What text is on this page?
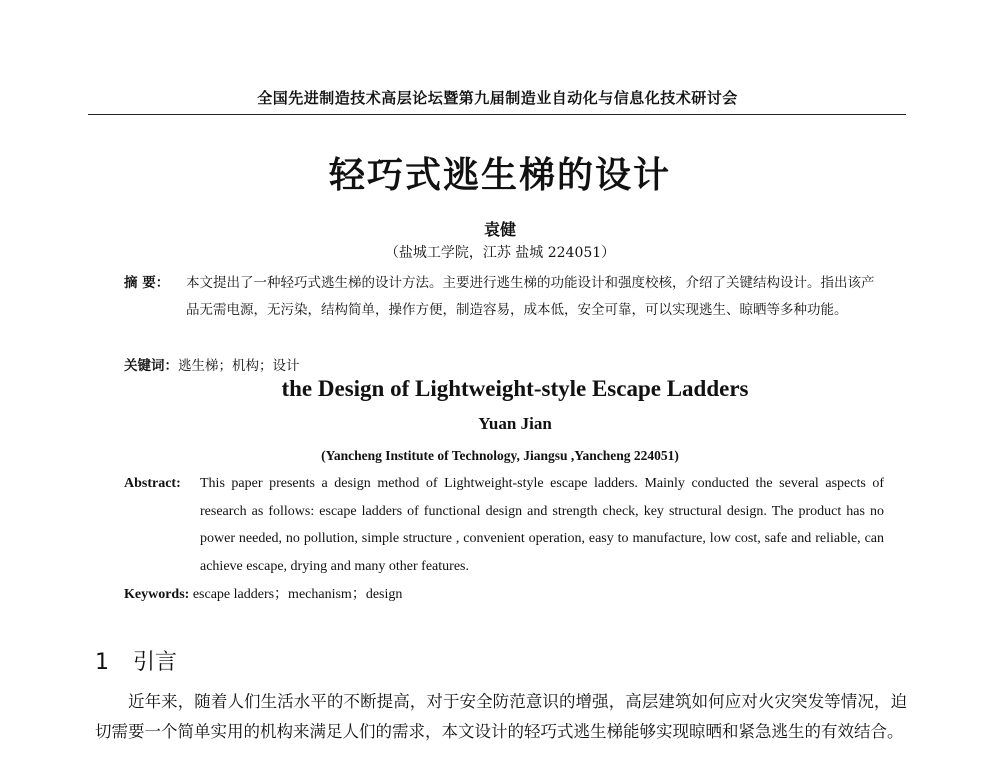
全国先进制造技术高层论坛暨第九届制造业自动化与信息化技术研讨会
轻巧式逃生梯的设计
袁健
（盐城工学院，江苏 盐城 224051）
摘 要： 本文提出了一种轻巧式逃生梯的设计方法。主要进行逃生梯的功能设计和强度校核，介绍了关键结构设计。指出该产品无需电源，无污染，结构简单，操作方便，制造容易，成本低，安全可靠，可以实现逃生、晾晒等多种功能。
关键词：逃生梯；机构；设计
the Design of Lightweight-style Escape Ladders
Yuan Jian
(Yancheng Institute of Technology, Jiangsu ,Yancheng 224051)
Abstract: This paper presents a design method of Lightweight-style escape ladders. Mainly conducted the several aspects of research as follows: escape ladders of functional design and strength check, key structural design. The product has no power needed, no pollution, simple structure , convenient operation, easy to manufacture, low cost, safe and reliable, can achieve escape, drying and many other features.
Keywords: escape ladders；mechanism；design
1 引言
近年来，随着人们生活水平的不断提高，对于安全防范意识的增强，高层建筑如何应对火灾突发等情况，迫切需要一个简单实用的机构来满足人们的需求，本文设计的轻巧式逃生梯能够实现晾晒和紧急逃生的有效结合。
